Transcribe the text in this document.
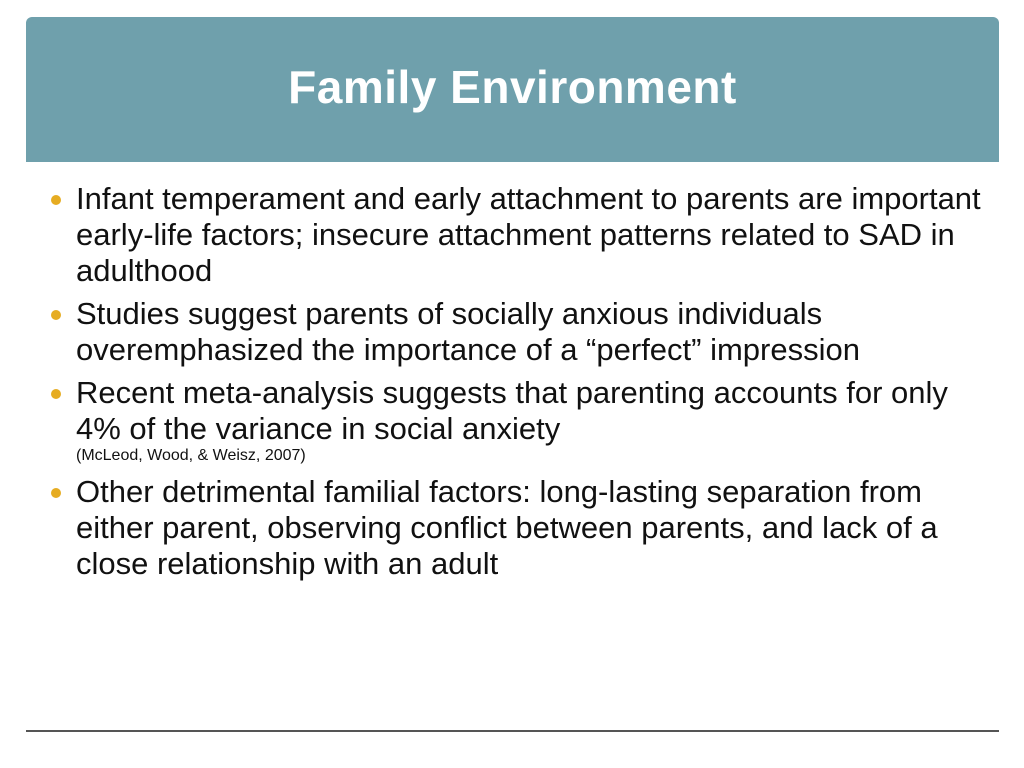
Family Environment
Infant temperament and early attachment to parents are important early-life factors; insecure attachment patterns related to SAD in adulthood
Studies suggest parents of socially anxious individuals overemphasized the importance of a “perfect” impression
Recent meta-analysis suggests that parenting accounts for only 4% of the variance in social anxiety
(McLeod, Wood, & Weisz, 2007)
Other detrimental familial factors: long-lasting separation from either parent, observing conflict between parents, and lack of a close relationship with an adult
